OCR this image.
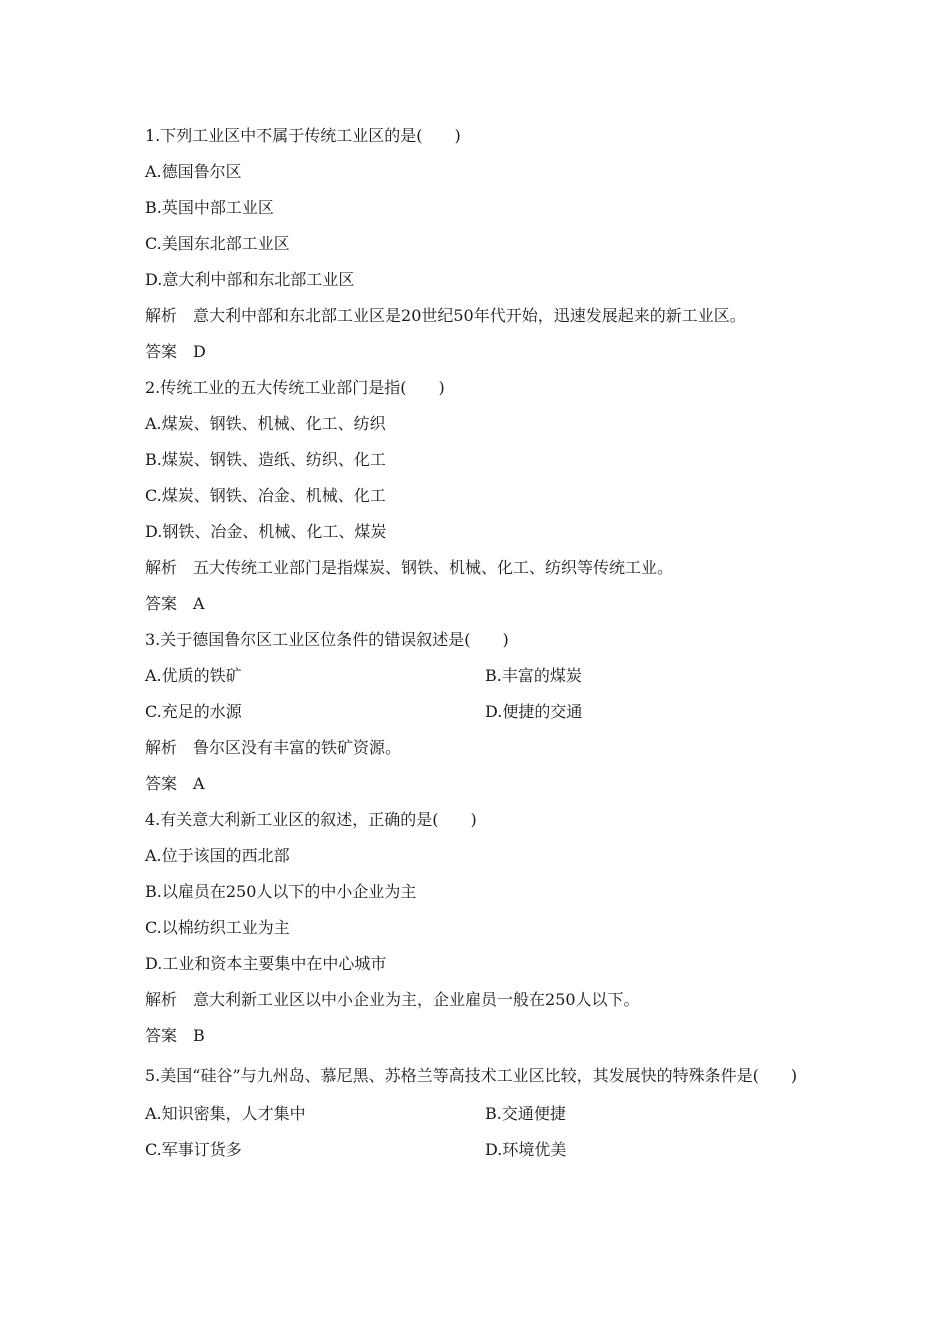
1.下列工业区中不属于传统工业区的是(　　)
A.德国鲁尔区
B.英国中部工业区
C.美国东北部工业区
D.意大利中部和东北部工业区
解析 意大利中部和东北部工业区是20世纪50年代开始，迅速发展起来的新工业区。
答案 D
2.传统工业的五大传统工业部门是指(　　)
A.煤炭、钢铁、机械、化工、纺织
B.煤炭、钢铁、造纸、纺织、化工
C.煤炭、钢铁、冶金、机械、化工
D.钢铁、冶金、机械、化工、煤炭
解析 五大传统工业部门是指煤炭、钢铁、机械、化工、纺织等传统工业。
答案 A
3.关于德国鲁尔区工业区位条件的错误叙述是(　　)
A.优质的铁矿	B.丰富的煤炭
C.充足的水源	D.便捷的交通
解析 鲁尔区没有丰富的铁矿资源。
答案 A
4.有关意大利新工业区的叙述，正确的是(　　)
A.位于该国的西北部
B.以雇员在250人以下的中小企业为主
C.以棉纺织工业为主
D.工业和资本主要集中在中心城市
解析 意大利新工业区以中小企业为主，企业雇员一般在250人以下。
答案 B
5.美国“硅谷”与九州岛、慕尼黑、苏格兰等高技术工业区比较，其发展快的特殊条件是(　　)
A.知识密集，人才集中	B.交通便捷
C.军事订货多	D.环境优美
